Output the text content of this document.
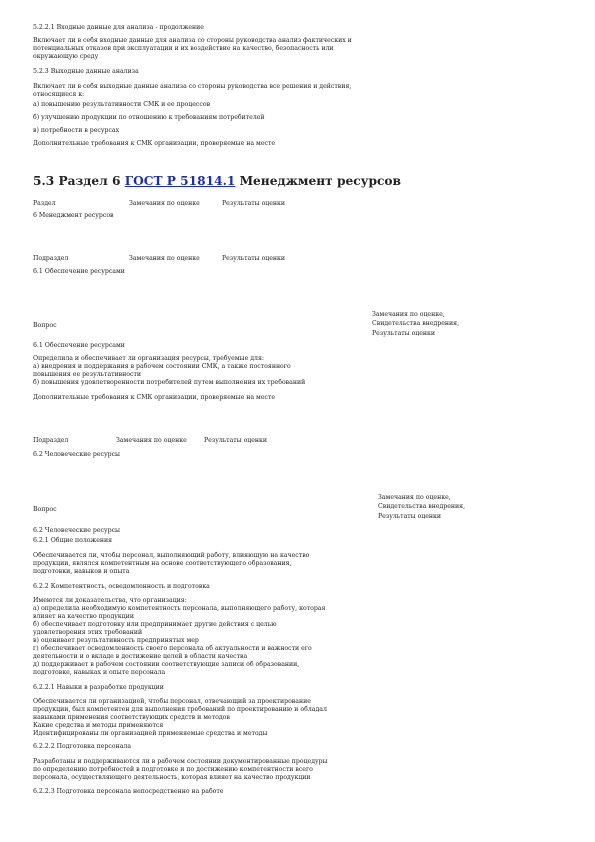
5.2.2.1 Входные данные для анализа - продолжение
Включает ли в себя входные данные для анализа со стороны руководства анализ фактических и
потенциальных отказов при эксплуатации и их воздействие на качество, безопасность или
окружающую среду
5.2.3 Выходные данные анализа
Включает ли в себя выходные данные анализа со стороны руководства все решения и действия,
относящиеся к:
а) повышению результативности СМК и ее процессов
б) улучшению продукции по отношению к требованиям потребителей
в) потребности в ресурсах
Дополнительные требования к СМК организации, проверяемые на месте
5.3 Раздел 6 ГОСТ Р 51814.1 Менеджмент ресурсов
Раздел	Замечания по оценке	Результаты оценки
6 Менеджмент ресурсов
Подраздел	Замечания по оценке	Результаты оценки
6.1 Обеспечение ресурсами
Замечания по оценке,
Свидетельства внедрения,
Результаты оценки
Вопрос
6.1 Обеспечение ресурсами
Определила и обеспечивает ли организация ресурсы, требуемые для:
а) внедрения и поддержания в рабочем состоянии СМК, а также постоянного
повышения ее результативности
б) повышения удовлетворенности потребителей путем выполнения их требований
Дополнительные требования к СМК организации, проверяемые на месте
Подраздел	Замечания по оценке	Результаты оценки
6.2 Человеческие ресурсы
Замечания по оценке,
Свидетельства внедрения,
Результаты оценки
Вопрос
6.2 Человеческие ресурсы
6.2.1 Общие положения
Обеспечивается ли, чтобы персонал, выполняющий работу, влияющую на качество
продукции, являлся компетентным на основе соответствующего образования,
подготовки, навыков и опыта
6.2.2 Компетентность, осведомленность и подготовка
Имеются ли доказательства, что организация:
а) определила необходимую компетентность персонала, выполняющего работу, которая
влияет на качество продукции
б) обеспечивает подготовку или предпринимает другие действия с целью
удовлетворения этих требований
в) оценивает результативность предпринятых мер
г) обеспечивает осведомленность своего персонала об актуальности и важности его
деятельности и о вкладе в достижение целей в области качества
д) поддерживает в рабочем состоянии соответствующие записи об образовании,
подготовке, навыках и опыте персонала
6.2.2.1 Навыки в разработке продукции
Обеспечивается ли организацией, чтобы персонал, отвечающий за проектирование
продукции, был компетентен для выполнения требований по проектированию и обладал
навыками применения соответствующих средств и методов
Какие средства и методы применяются
Идентифицированы ли организацией применяемые средства и методы
6.2.2.2 Подготовка персонала
Разработаны и поддерживаются ли в рабочем состоянии документированные процедуры
по определению потребностей в подготовке и по достижению компетентности всего
персонала, осуществляющего деятельность, которая влияет на качество продукции
6.2.2.3 Подготовка персонала непосредственно на работе
